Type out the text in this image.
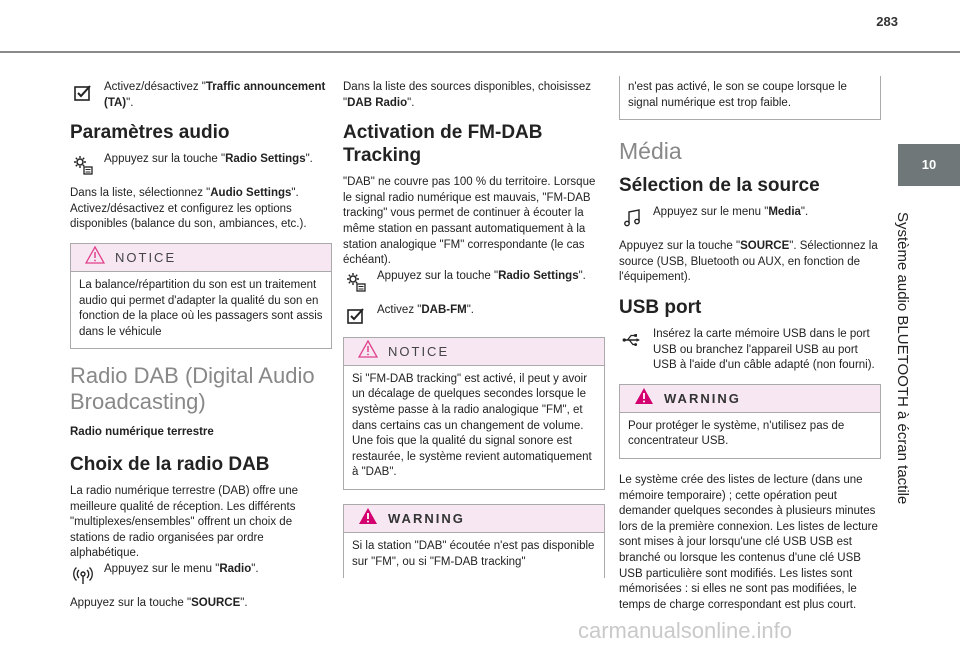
283
10
Système audio BLUETOOTH à écran tactile
Activez/désactivez "Traffic announcement (TA)".
Paramètres audio
Appuyez sur la touche "Radio Settings".
Dans la liste, sélectionnez "Audio Settings". Activez/désactivez et configurez les options disponibles (balance du son, ambiances, etc.).
NOTICE
La balance/répartition du son est un traitement audio qui permet d'adapter la qualité du son en fonction de la place où les passagers sont assis dans le véhicule
Radio DAB (Digital Audio Broadcasting)
Radio numérique terrestre
Choix de la radio DAB
La radio numérique terrestre (DAB) offre une meilleure qualité de réception. Les différents "multiplexes/ensembles" offrent un choix de stations de radio organisées par ordre alphabétique.
Appuyez sur le menu "Radio".
Appuyez sur la touche "SOURCE".
Dans la liste des sources disponibles, choisissez "DAB Radio".
Activation de FM-DAB Tracking
"DAB" ne couvre pas 100 % du territoire. Lorsque le signal radio numérique est mauvais, "FM-DAB tracking" vous permet de continuer à écouter la même station en passant automatiquement à la station analogique "FM" correspondante (le cas échéant).
Appuyez sur la touche "Radio Settings".
Activez "DAB-FM".
NOTICE
Si "FM-DAB tracking" est activé, il peut y avoir un décalage de quelques secondes lorsque le système passe à la radio analogique "FM", et dans certains cas un changement de volume. Une fois que la qualité du signal sonore est restaurée, le système revient automatiquement à "DAB".
WARNING
Si la station "DAB" écoutée n'est pas disponible sur "FM", ou si "FM-DAB tracking"
n'est pas activé, le son se coupe lorsque le signal numérique est trop faible.
Média
Sélection de la source
Appuyez sur le menu "Media".
Appuyez sur la touche "SOURCE". Sélectionnez la source (USB, Bluetooth ou AUX, en fonction de l'équipement).
USB port
Insérez la carte mémoire USB dans le port USB ou branchez l'appareil USB au port USB à l'aide d'un câble adapté (non fourni).
WARNING
Pour protéger le système, n'utilisez pas de concentrateur USB.
Le système crée des listes de lecture (dans une mémoire temporaire) ; cette opération peut demander quelques secondes à plusieurs minutes lors de la première connexion. Les listes de lecture sont mises à jour lorsqu'une clé USB USB est branché ou lorsque les contenus d'une clé USB USB particulière sont modifiés. Les listes sont mémorisées : si elles ne sont pas modifiées, le temps de charge correspondant est plus court.
carmanualsonline.info
